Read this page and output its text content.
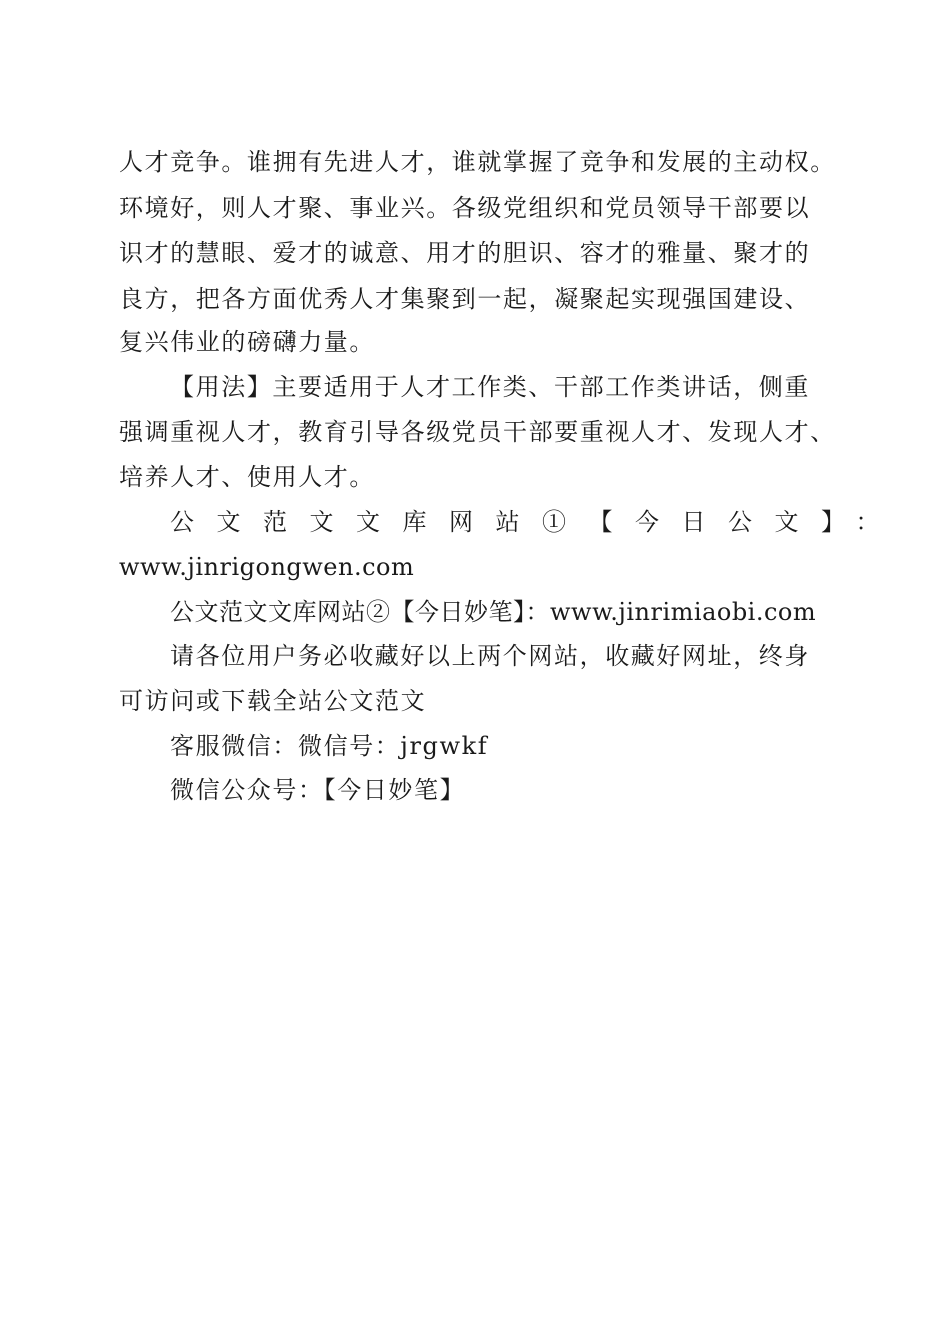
人才竞争。谁拥有先进人才，谁就掌握了竞争和发展的主动权。
环境好，则人才聚、事业兴。各级党组织和党员领导干部要以
识才的慧眼、爱才的诚意、用才的胆识、容才的雅量、聚才的
良方，把各方面优秀人才集聚到一起，凝聚起实现强国建设、
复兴伟业的磅礴力量。
【用法】主要适用于人才工作类、干部工作类讲话，侧重
强调重视人才，教育引导各级党员干部要重视人才、发现人才、
培养人才、使用人才。
公文范文文库网站①【今日公文】：
www.jinrigongwen.com
公文范文文库网站②【今日妙笔】：www.jinrimiaobi.com
请各位用户务必收藏好以上两个网站，收藏好网址，终身
可访问或下载全站公文范文
客服微信：微信号：jrgwkf
微信公众号：【今日妙笔】
